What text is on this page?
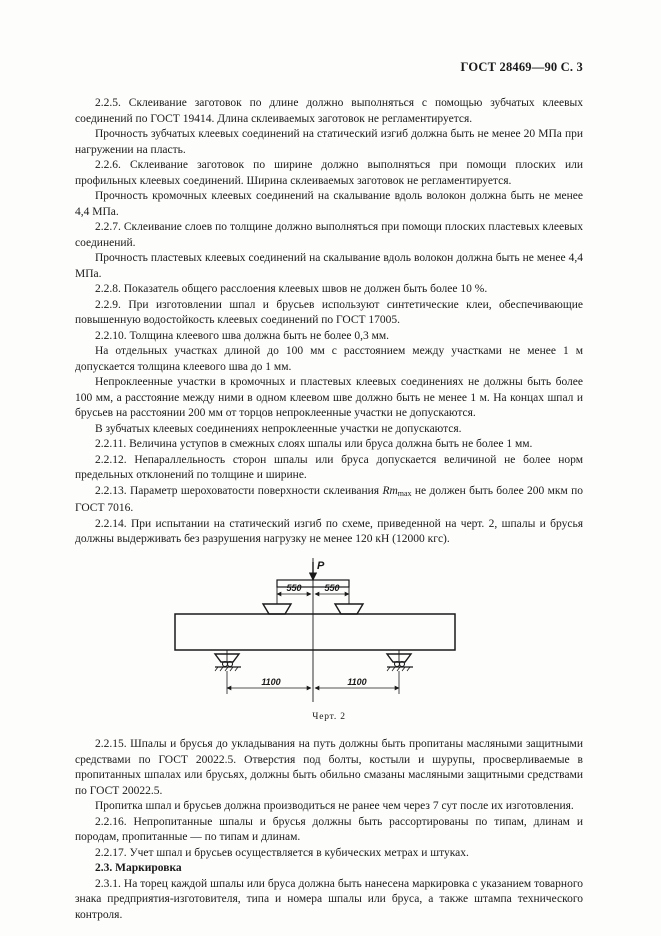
ГОСТ 28469—90 С. 3

2.2.5. Склеивание заготовок по длине должно выполняться с помощью зубчатых клеевых соединений по ГОСТ 19414. Длина склеиваемых заготовок не регламентируется.

Прочность зубчатых клеевых соединений на статический изгиб должна быть не менее 20 МПа при нагружении на пласть.

2.2.6. Склеивание заготовок по ширине должно выполняться при помощи плоских или профильных клеевых соединений. Ширина склеиваемых заготовок не регламентируется.

Прочность кромочных клеевых соединений на скалывание вдоль волокон должна быть не менее 4,4 МПа.

2.2.7. Склеивание слоев по толщине должно выполняться при помощи плоских пластевых клеевых соединений.

Прочность пластевых клеевых соединений на скалывание вдоль волокон должна быть не менее 4,4 МПа.

2.2.8. Показатель общего расслоения клеевых швов не должен быть более 10 %.

2.2.9. При изготовлении шпал и брусьев используют синтетические клеи, обеспечивающие повышенную водостойкость клеевых соединений по ГОСТ 17005.

2.2.10. Толщина клеевого шва должна быть не более 0,3 мм.

На отдельных участках длиной до 100 мм с расстоянием между участками не менее 1 м допускается толщина клеевого шва до 1 мм.

Непроклеенные участки в кромочных и пластевых клеевых соединениях не должны быть более 100 мм, а расстояние между ними в одном клеевом шве должно быть не менее 1 м. На концах шпал и брусьев на расстоянии 200 мм от торцов непроклеенные участки не допускаются.

В зубчатых клеевых соединениях непроклеенные участки не допускаются.

2.2.11. Величина уступов в смежных слоях шпалы или бруса должна быть не более 1 мм.

2.2.12. Непараллельность сторон шпалы или бруса допускается величиной не более норм предельных отклонений по толщине и ширине.

2.2.13. Параметр шероховатости поверхности склеивания $Rm_{max}$ не должен быть более 200 мкм по ГОСТ 7016.

2.2.14. При испытании на статический изгиб по схеме, приведенной на черт. 2, шпалы и брусья должны выдерживать без разрушения нагрузку не менее 120 кН (12000 кгс).

P
550	550
1100	1100

Черт. 2

2.2.15. Шпалы и брусья до укладывания на путь должны быть пропитаны масляными защитными средствами по ГОСТ 20022.5. Отверстия под болты, костыли и шурупы, просверливаемые в пропитанных шпалах или брусьях, должны быть обильно смазаны масляными защитными средствами по ГОСТ 20022.5.

Пропитка шпал и брусьев должна производиться не ранее чем через 7 сут после их изготовления.

2.2.16. Непропитанные шпалы и брусья должны быть рассортированы по типам, длинам и породам, пропитанные — по типам и длинам.

2.2.17. Учет шпал и брусьев осуществляется в кубических метрах и штуках.

2.3. Маркировка

2.3.1. На торец каждой шпалы или бруса должна быть нанесена маркировка с указанием товарного знака предприятия-изготовителя, типа и номера шпалы или бруса, а также штампа технического контроля.
